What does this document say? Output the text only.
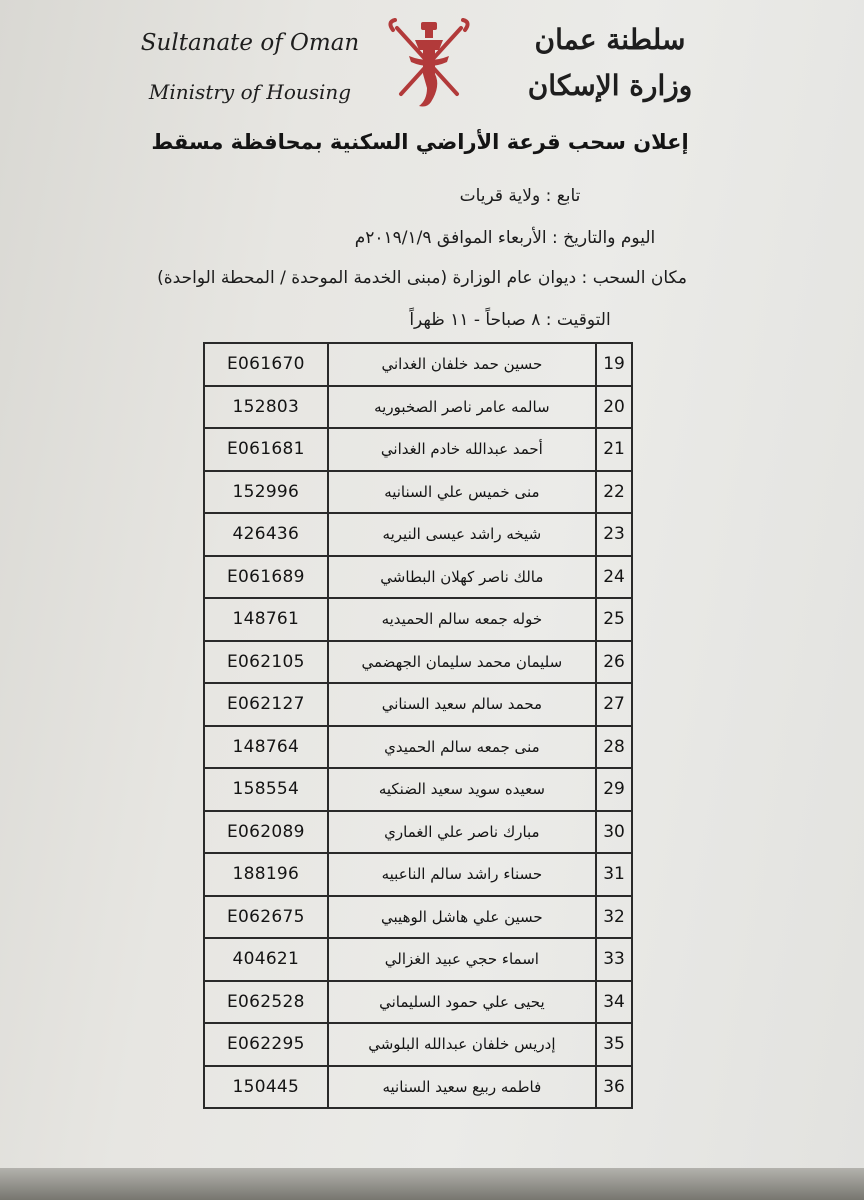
Sultanate of Oman
Ministry of Housing
سلطنة عمان
وزارة الإسكان
إعلان سحب قرعة الأراضي السكنية بمحافظة مسقط
تابع : ولاية قريات
اليوم والتاريخ : الأربعاء الموافق ٢٠١٩/١/٩م
مكان السحب : ديوان عام الوزارة (مبنى الخدمة الموحدة / المحطة الواحدة)
التوقيت : ٨ صباحاً - ١١ ظهراً
E061670	حسين حمد خلفان الغداني	19
152803	سالمه عامر ناصر الصخبوريه	20
E061681	أحمد عبدالله خادم الغداني	21
152996	منى خميس علي السنانيه	22
426436	شيخه راشد عيسى النيريه	23
E061689	مالك ناصر كهلان البطاشي	24
148761	خوله جمعه سالم الحميديه	25
E062105	سليمان محمد سليمان الجهضمي	26
E062127	محمد سالم سعيد السناني	27
148764	منى جمعه سالم الحميدي	28
158554	سعيده سويد سعيد الضنكيه	29
E062089	مبارك ناصر علي الغماري	30
188196	حسناء راشد سالم الناعبيه	31
E062675	حسين علي هاشل الوهيبي	32
404621	اسماء حجي عبيد الغزالي	33
E062528	يحيى علي حمود السليماني	34
E062295	إدريس خلفان عبدالله البلوشي	35
150445	فاطمه ربيع سعيد السنانيه	36
